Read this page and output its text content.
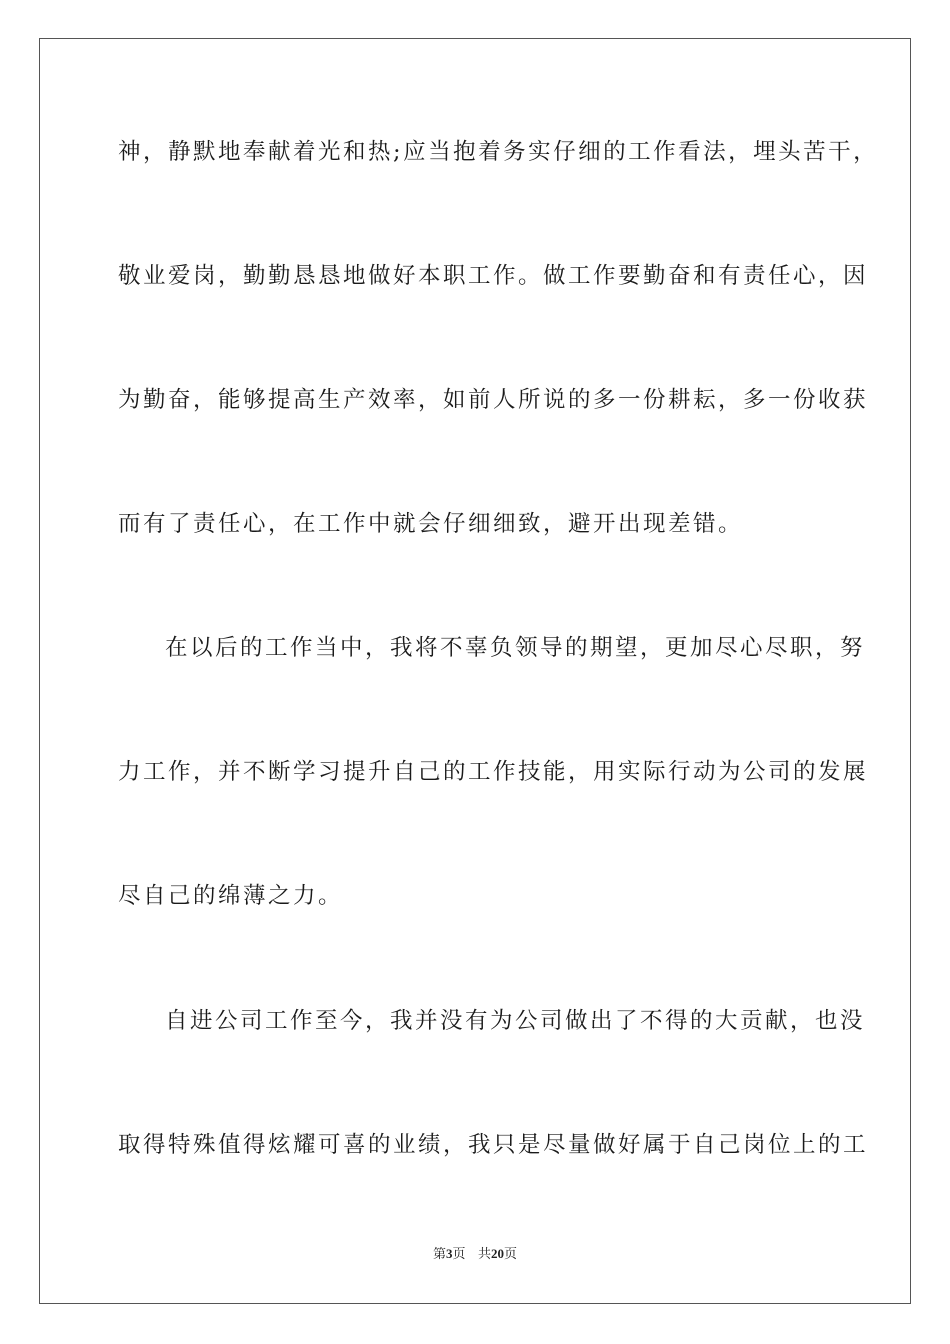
神，静默地奉献着光和热;应当抱着务实仔细的工作看法，埋头苦干，
敬业爱岗，勤勤恳恳地做好本职工作。做工作要勤奋和有责任心，因
为勤奋，能够提高生产效率，如前人所说的多一份耕耘，多一份收获
而有了责任心，在工作中就会仔细细致，避开出现差错。
在以后的工作当中，我将不辜负领导的期望，更加尽心尽职，努
力工作，并不断学习提升自己的工作技能，用实际行动为公司的发展
尽自己的绵薄之力。
自进公司工作至今，我并没有为公司做出了不得的大贡献，也没
取得特殊值得炫耀可喜的业绩，我只是尽量做好属于自己岗位上的工
第3页 共20页
